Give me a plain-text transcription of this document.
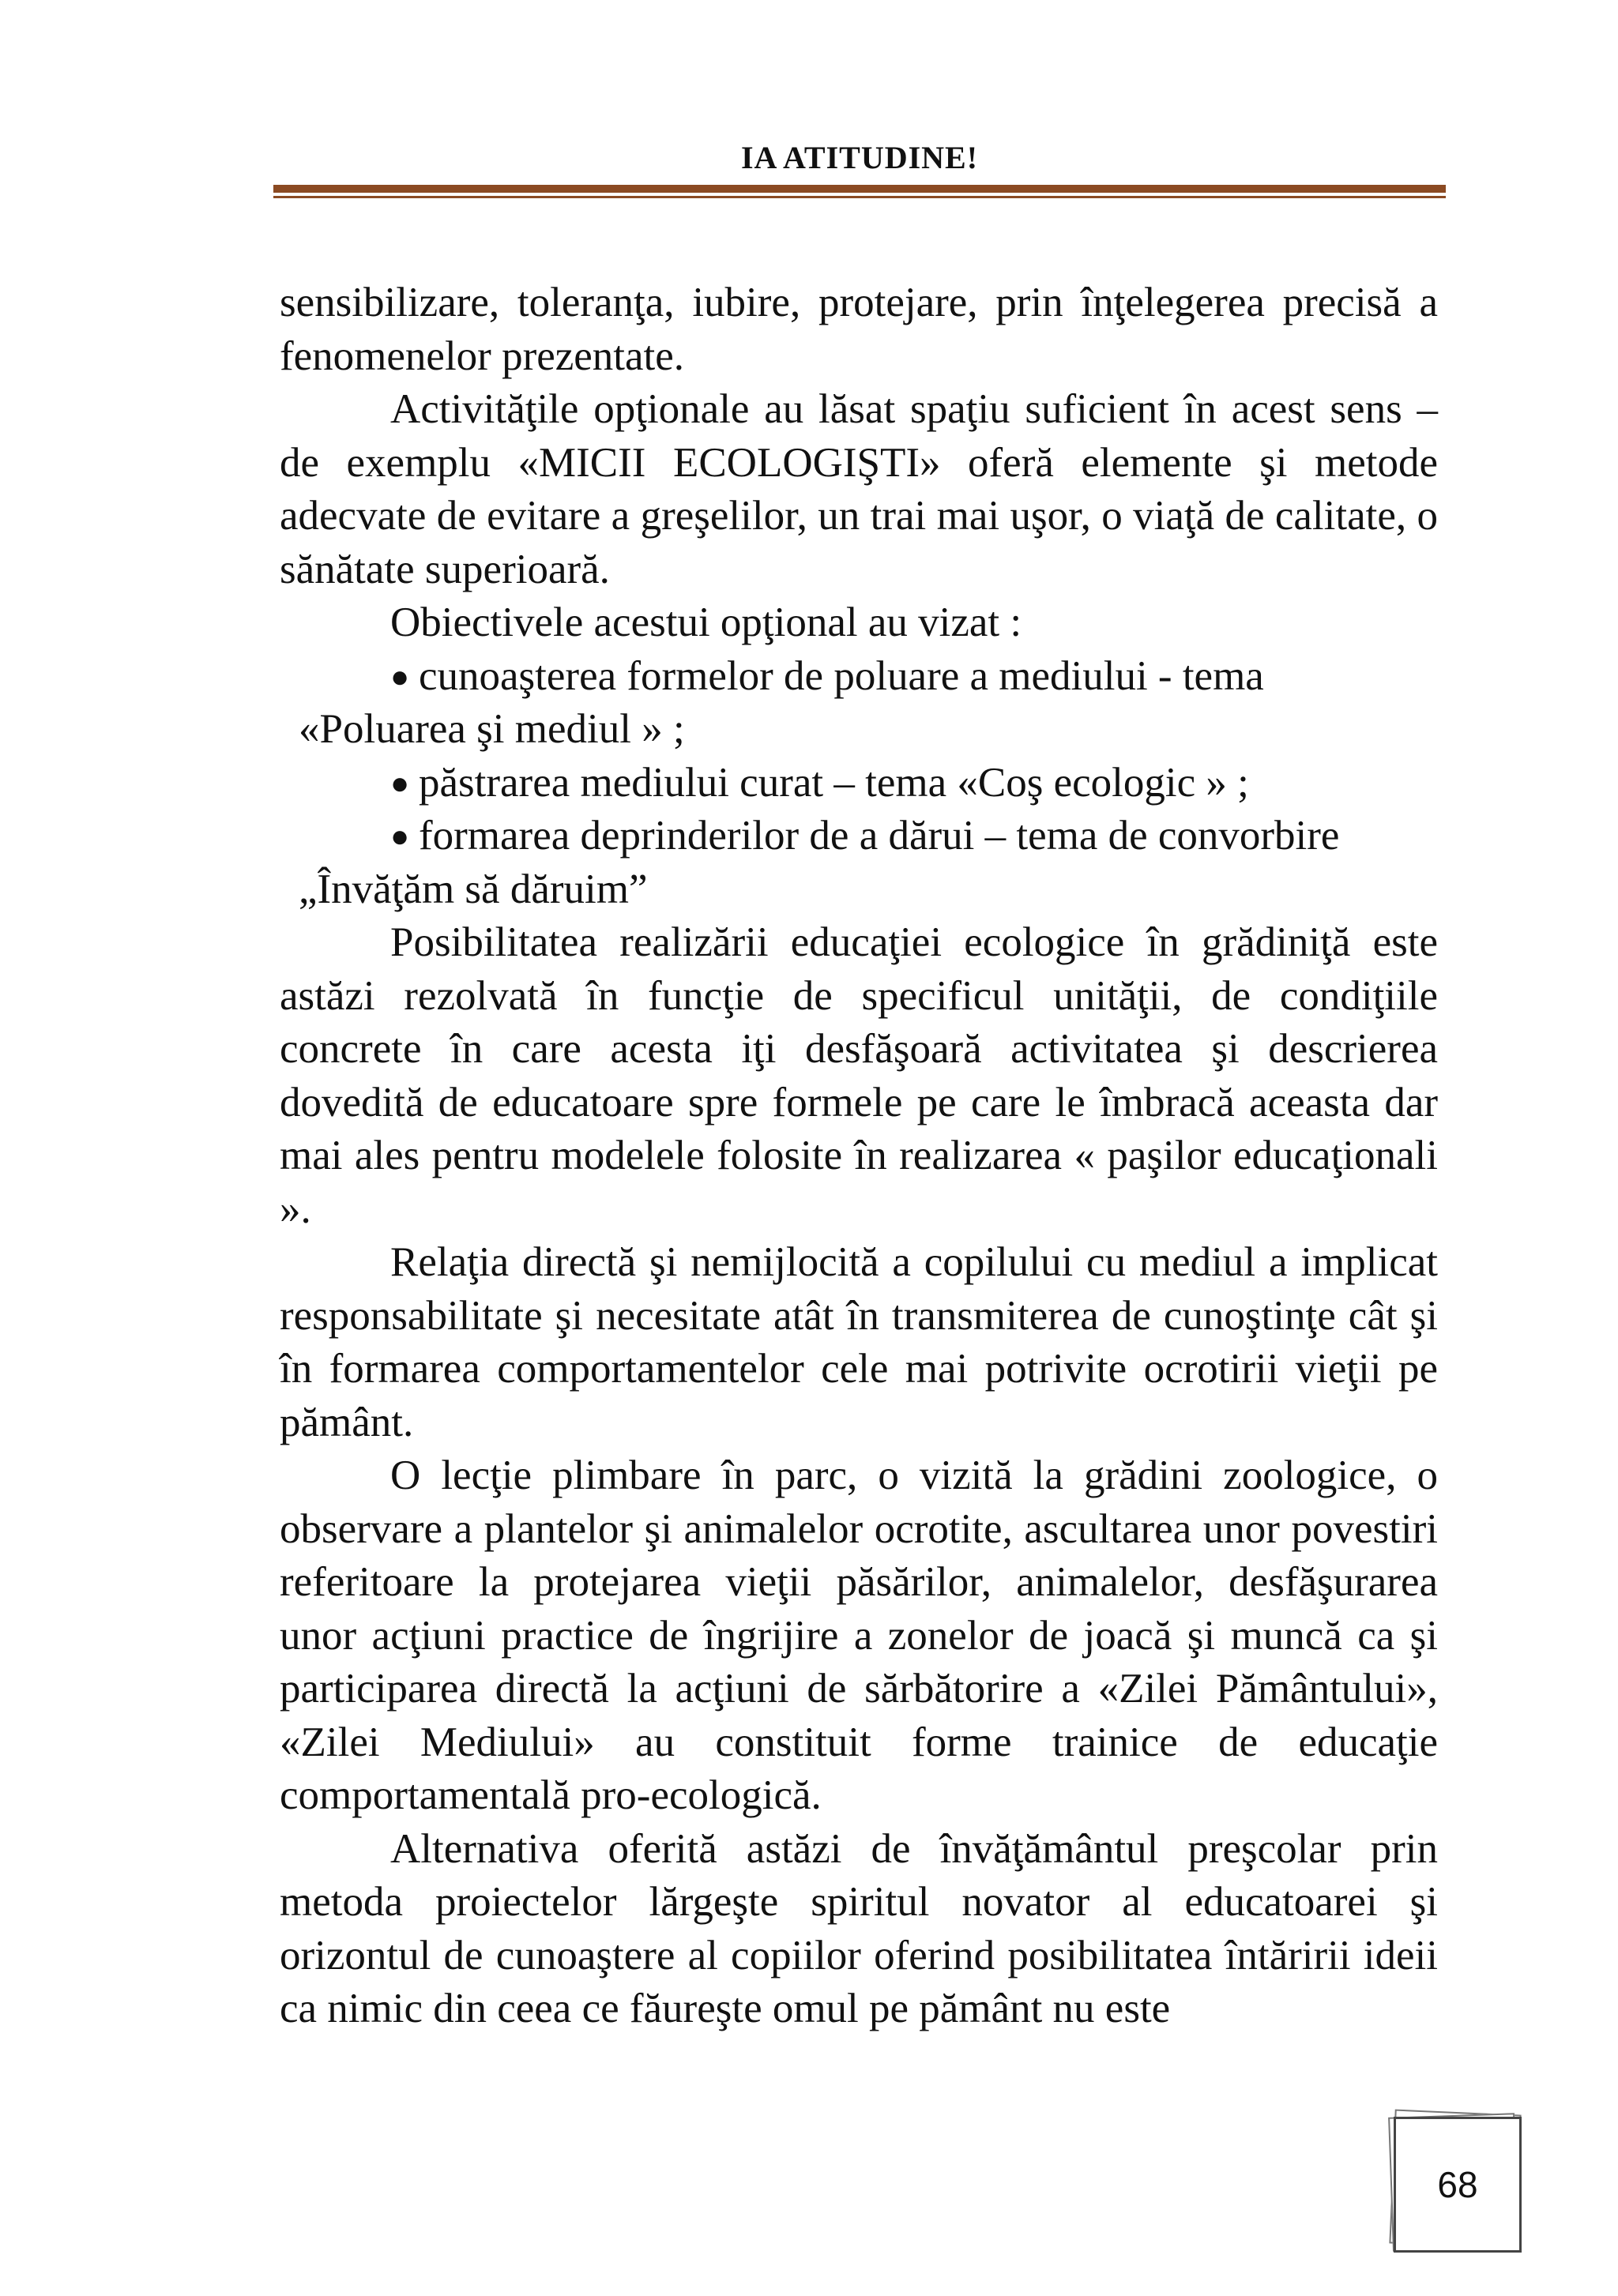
IA ATITUDINE!

sensibilizare, toleranţa, iubire, protejare, prin înţelegerea precisă a fenomenelor prezentate.

Activităţile opţionale au lăsat spaţiu suficient în acest sens – de exemplu «MICII ECOLOGIŞTI» oferă elemente şi metode adecvate de evitare a greşelilor, un trai mai uşor, o viaţă de calitate, o sănătate superioară.

Obiectivele acestui opţional au vizat :

● cunoaşterea formelor de poluare a mediului - tema
«Poluarea şi mediul » ;
● păstrarea mediului curat – tema «Coş ecologic » ;
● formarea deprinderilor de a dărui – tema de convorbire
„Învăţăm să dăruim”

Posibilitatea realizării educaţiei ecologice în grădiniţă este astăzi rezolvată în funcţie de specificul unităţii, de condiţiile concrete în care acesta iţi desfăşoară activitatea şi descrierea dovedită de educatoare spre formele pe care le îmbracă aceasta dar mai ales pentru modelele folosite în realizarea « paşilor educaţionali ».

Relaţia directă şi nemijlocită a copilului cu mediul a implicat responsabilitate şi necesitate atât în transmiterea de cunoştinţe cât şi în formarea comportamentelor cele mai potrivite ocrotirii vieţii pe pământ.

O lecţie plimbare în parc, o vizită la grădini zoologice, o observare a plantelor şi animalelor ocrotite, ascultarea unor povestiri referitoare la protejarea vieţii păsărilor, animalelor, desfăşurarea unor acţiuni practice de îngrijire a zonelor de joacă şi muncă ca şi participarea directă la acţiuni de sărbătorire a «Zilei Pământului», «Zilei Mediului» au constituit forme trainice de educaţie comportamentală pro-ecologică.

Alternativa oferită astăzi de învăţământul preşcolar prin metoda proiectelor lărgeşte spiritul novator al educatoarei şi orizontul de cunoaştere al copiilor oferind posibilitatea întăririi ideii ca nimic din ceea ce făureşte omul pe pământ nu este

68
